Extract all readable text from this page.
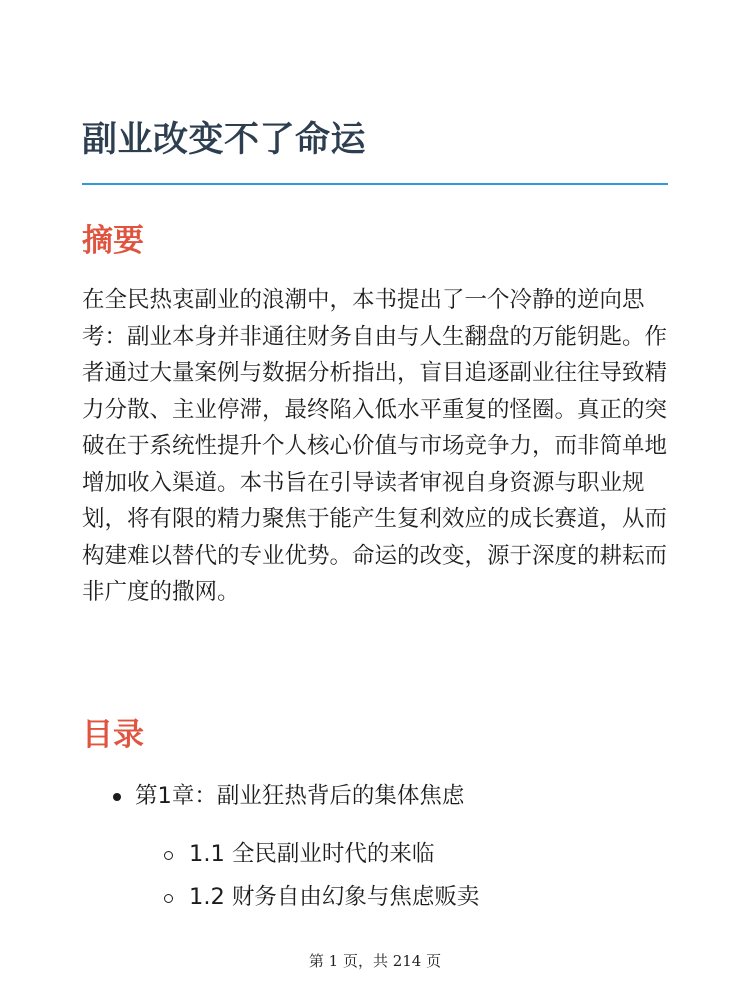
副业改变不了命运
摘要

在全民热衷副业的浪潮中，本书提出了一个冷静的逆向思考：副业本身并非通往财务自由与人生翻盘的万能钥匙。作者通过大量案例与数据分析指出，盲目追逐副业往往导致精力分散、主业停滞，最终陷入低水平重复的怪圈。真正的突破在于系统性提升个人核心价值与市场竞争力，而非简单地增加收入渠道。本书旨在引导读者审视自身资源与职业规划，将有限的精力聚焦于能产生复利效应的成长赛道，从而构建难以替代的专业优势。命运的改变，源于深度的耕耘而非广度的撒网。

目录
第1章：副业狂热背后的集体焦虑
1.1 全民副业时代的来临
1.2 财务自由幻象与焦虑贩卖
第 1 页，共 214 页
